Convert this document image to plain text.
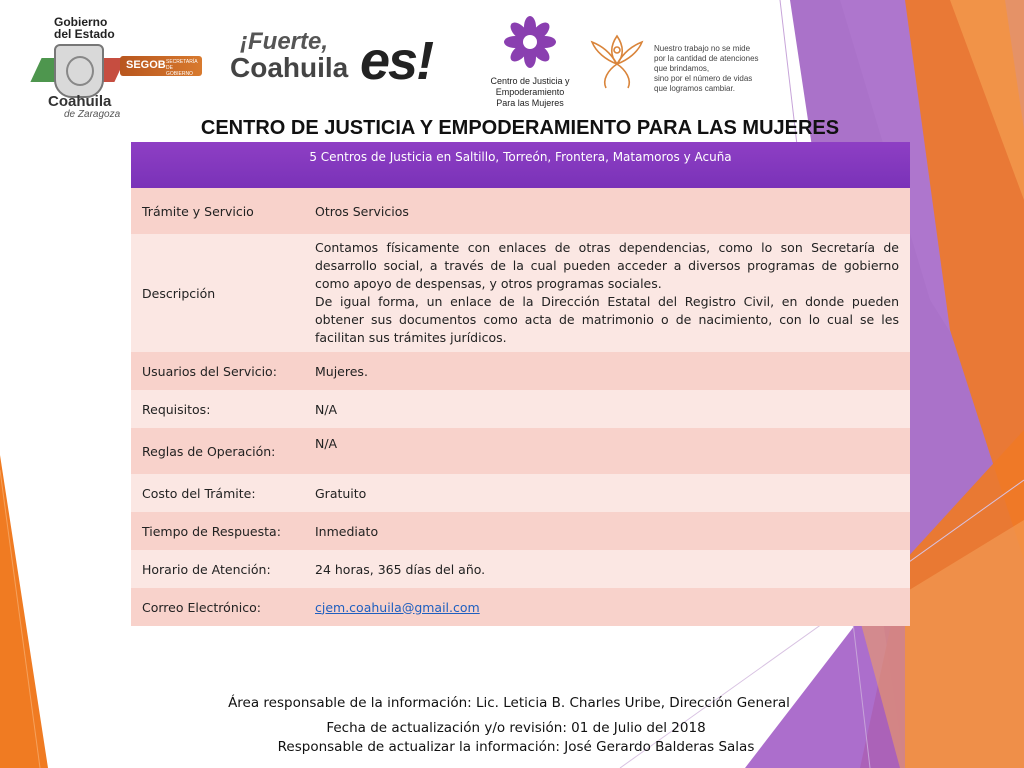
Gobierno
del Estado
Coahuila
de Zaragoza
SEGOB SECRETARÍA DE GOBIERNO
¡Fuerte,
Coahuila es!	Centro de Justicia y
Empoderamiento
Para las Mujeres
Nuestro trabajo no se mide
por la cantidad de atenciones
que brindamos,
sino por el número de vidas
que logramos cambiar.
CENTRO DE JUSTICIA Y EMPODERAMIENTO PARA LAS MUJERES
5 Centros de Justicia en Saltillo, Torreón, Frontera, Matamoros y Acuña	
Trámite y Servicio	Otros Servicios
Descripción	Contamos físicamente con enlaces de otras dependencias, como lo son Secretaría de desarrollo social, a través de la cual pueden acceder a diversos programas de gobierno como apoyo de despensas, y otros programas sociales.

De igual forma, un enlace de la Dirección Estatal del Registro Civil, en donde pueden obtener sus documentos como acta de matrimonio o de nacimiento, con lo cual se les facilitan sus trámites jurídicos.

Usuarios del Servicio:	Mujeres.
Requisitos:	N/A
Reglas de Operación:	N/A
Costo del Trámite:	Gratuito
Tiempo de Respuesta:	Inmediato
Horario de Atención:	24 horas, 365 días del año.
Correo Electrónico:	cjem.coahuila@gmail.com
Área responsable de la información: Lic. Leticia B. Charles Uribe, Dirección General
Fecha de actualización y/o revisión: 01 de Julio del 2018
Responsable de actualizar la información: José Gerardo Balderas Salas
